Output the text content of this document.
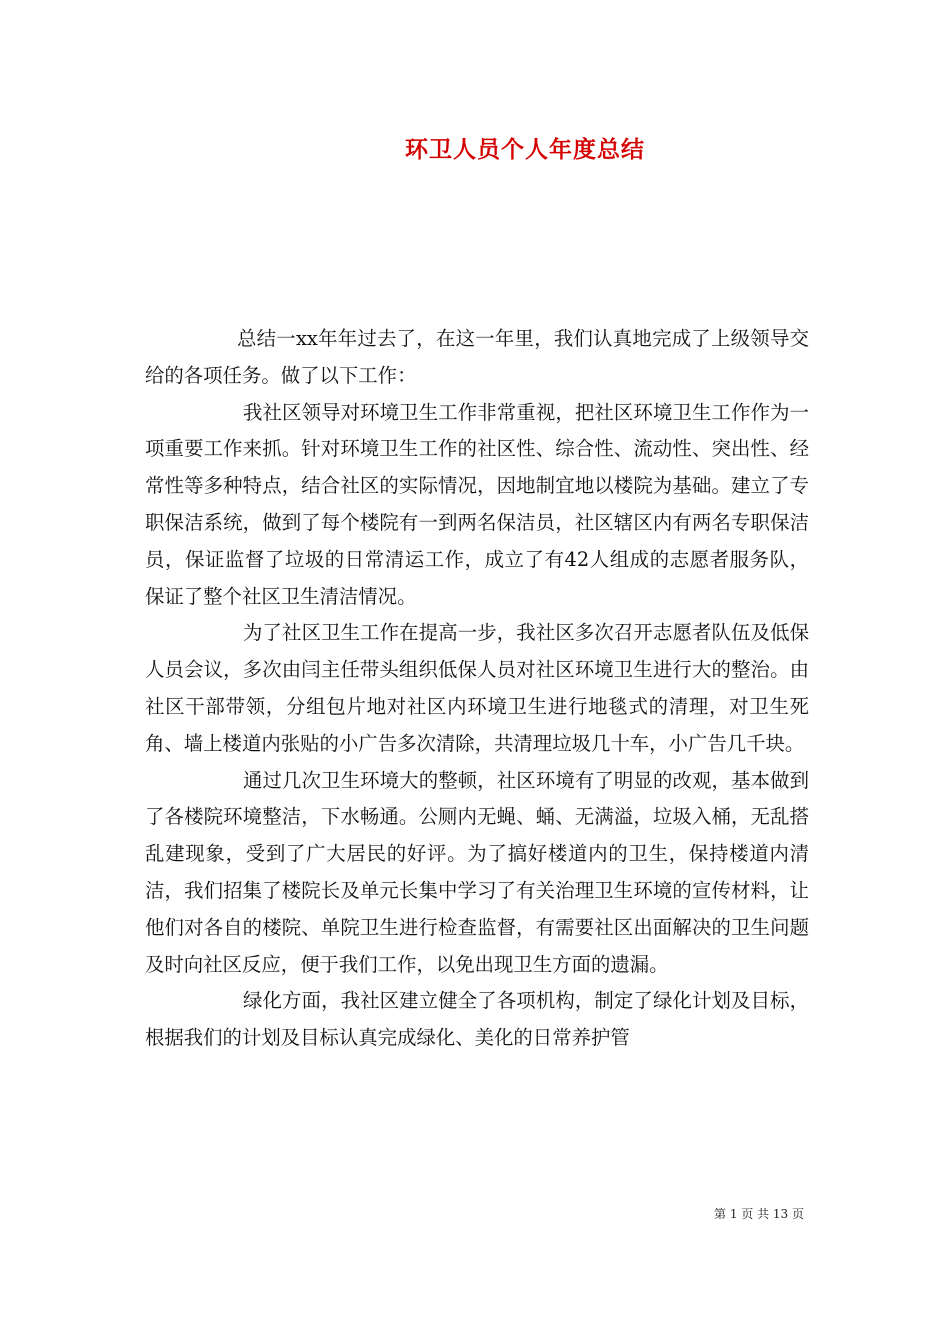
环卫人员个人年度总结

总结一xx年年过去了，在这一年里，我们认真地完成了上级领导交给的各项任务。做了以下工作：

我社区领导对环境卫生工作非常重视，把社区环境卫生工作作为一项重要工作来抓。针对环境卫生工作的社区性、综合性、流动性、突出性、经常性等多种特点，结合社区的实际情况，因地制宜地以楼院为基础。建立了专职保洁系统，做到了每个楼院有一到两名保洁员，社区辖区内有两名专职保洁员，保证监督了垃圾的日常清运工作，成立了有42人组成的志愿者服务队，保证了整个社区卫生清洁情况。

为了社区卫生工作在提高一步，我社区多次召开志愿者队伍及低保人员会议，多次由闫主任带头组织低保人员对社区环境卫生进行大的整治。由社区干部带领，分组包片地对社区内环境卫生进行地毯式的清理，对卫生死角、墙上楼道内张贴的小广告多次清除，共清理垃圾几十车，小广告几千块。

通过几次卫生环境大的整顿，社区环境有了明显的改观，基本做到了各楼院环境整洁，下水畅通。公厕内无蝇、蛹、无满溢，垃圾入桶，无乱搭乱建现象，受到了广大居民的好评。为了搞好楼道内的卫生，保持楼道内清洁，我们招集了楼院长及单元长集中学习了有关治理卫生环境的宣传材料，让他们对各自的楼院、单院卫生进行检查监督，有需要社区出面解决的卫生问题及时向社区反应，便于我们工作，以免出现卫生方面的遗漏。

绿化方面，我社区建立健全了各项机构，制定了绿化计划及目标，根据我们的计划及目标认真完成绿化、美化的日常养护管

第 1 页 共 13 页
